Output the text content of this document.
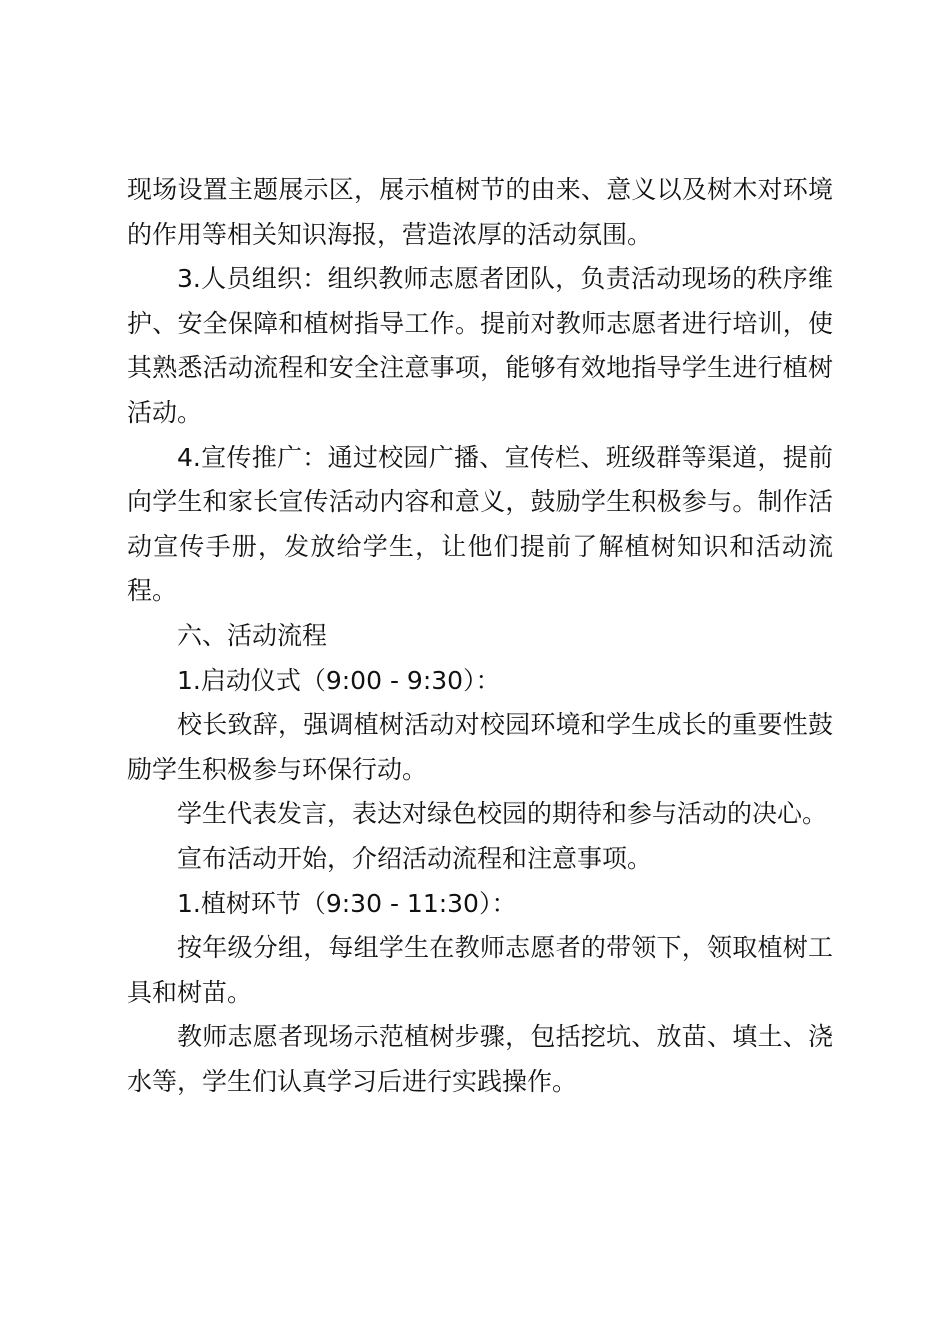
现场设置主题展示区，展示植树节的由来、意义以及树木对环境的作用等相关知识海报，营造浓厚的活动氛围。

3.人员组织：组织教师志愿者团队，负责活动现场的秩序维护、安全保障和植树指导工作。提前对教师志愿者进行培训，使其熟悉活动流程和安全注意事项，能够有效地指导学生进行植树活动。

4.宣传推广：通过校园广播、宣传栏、班级群等渠道，提前向学生和家长宣传活动内容和意义，鼓励学生积极参与。制作活动宣传手册，发放给学生，让他们提前了解植树知识和活动流程。

六、活动流程

1.启动仪式（9:00 - 9:30）：

校长致辞，强调植树活动对校园环境和学生成长的重要性鼓励学生积极参与环保行动。

学生代表发言，表达对绿色校园的期待和参与活动的决心。

宣布活动开始，介绍活动流程和注意事项。

1.植树环节（9:30 - 11:30）：

按年级分组，每组学生在教师志愿者的带领下，领取植树工具和树苗。

教师志愿者现场示范植树步骤，包括挖坑、放苗、填土、浇水等，学生们认真学习后进行实践操作。
